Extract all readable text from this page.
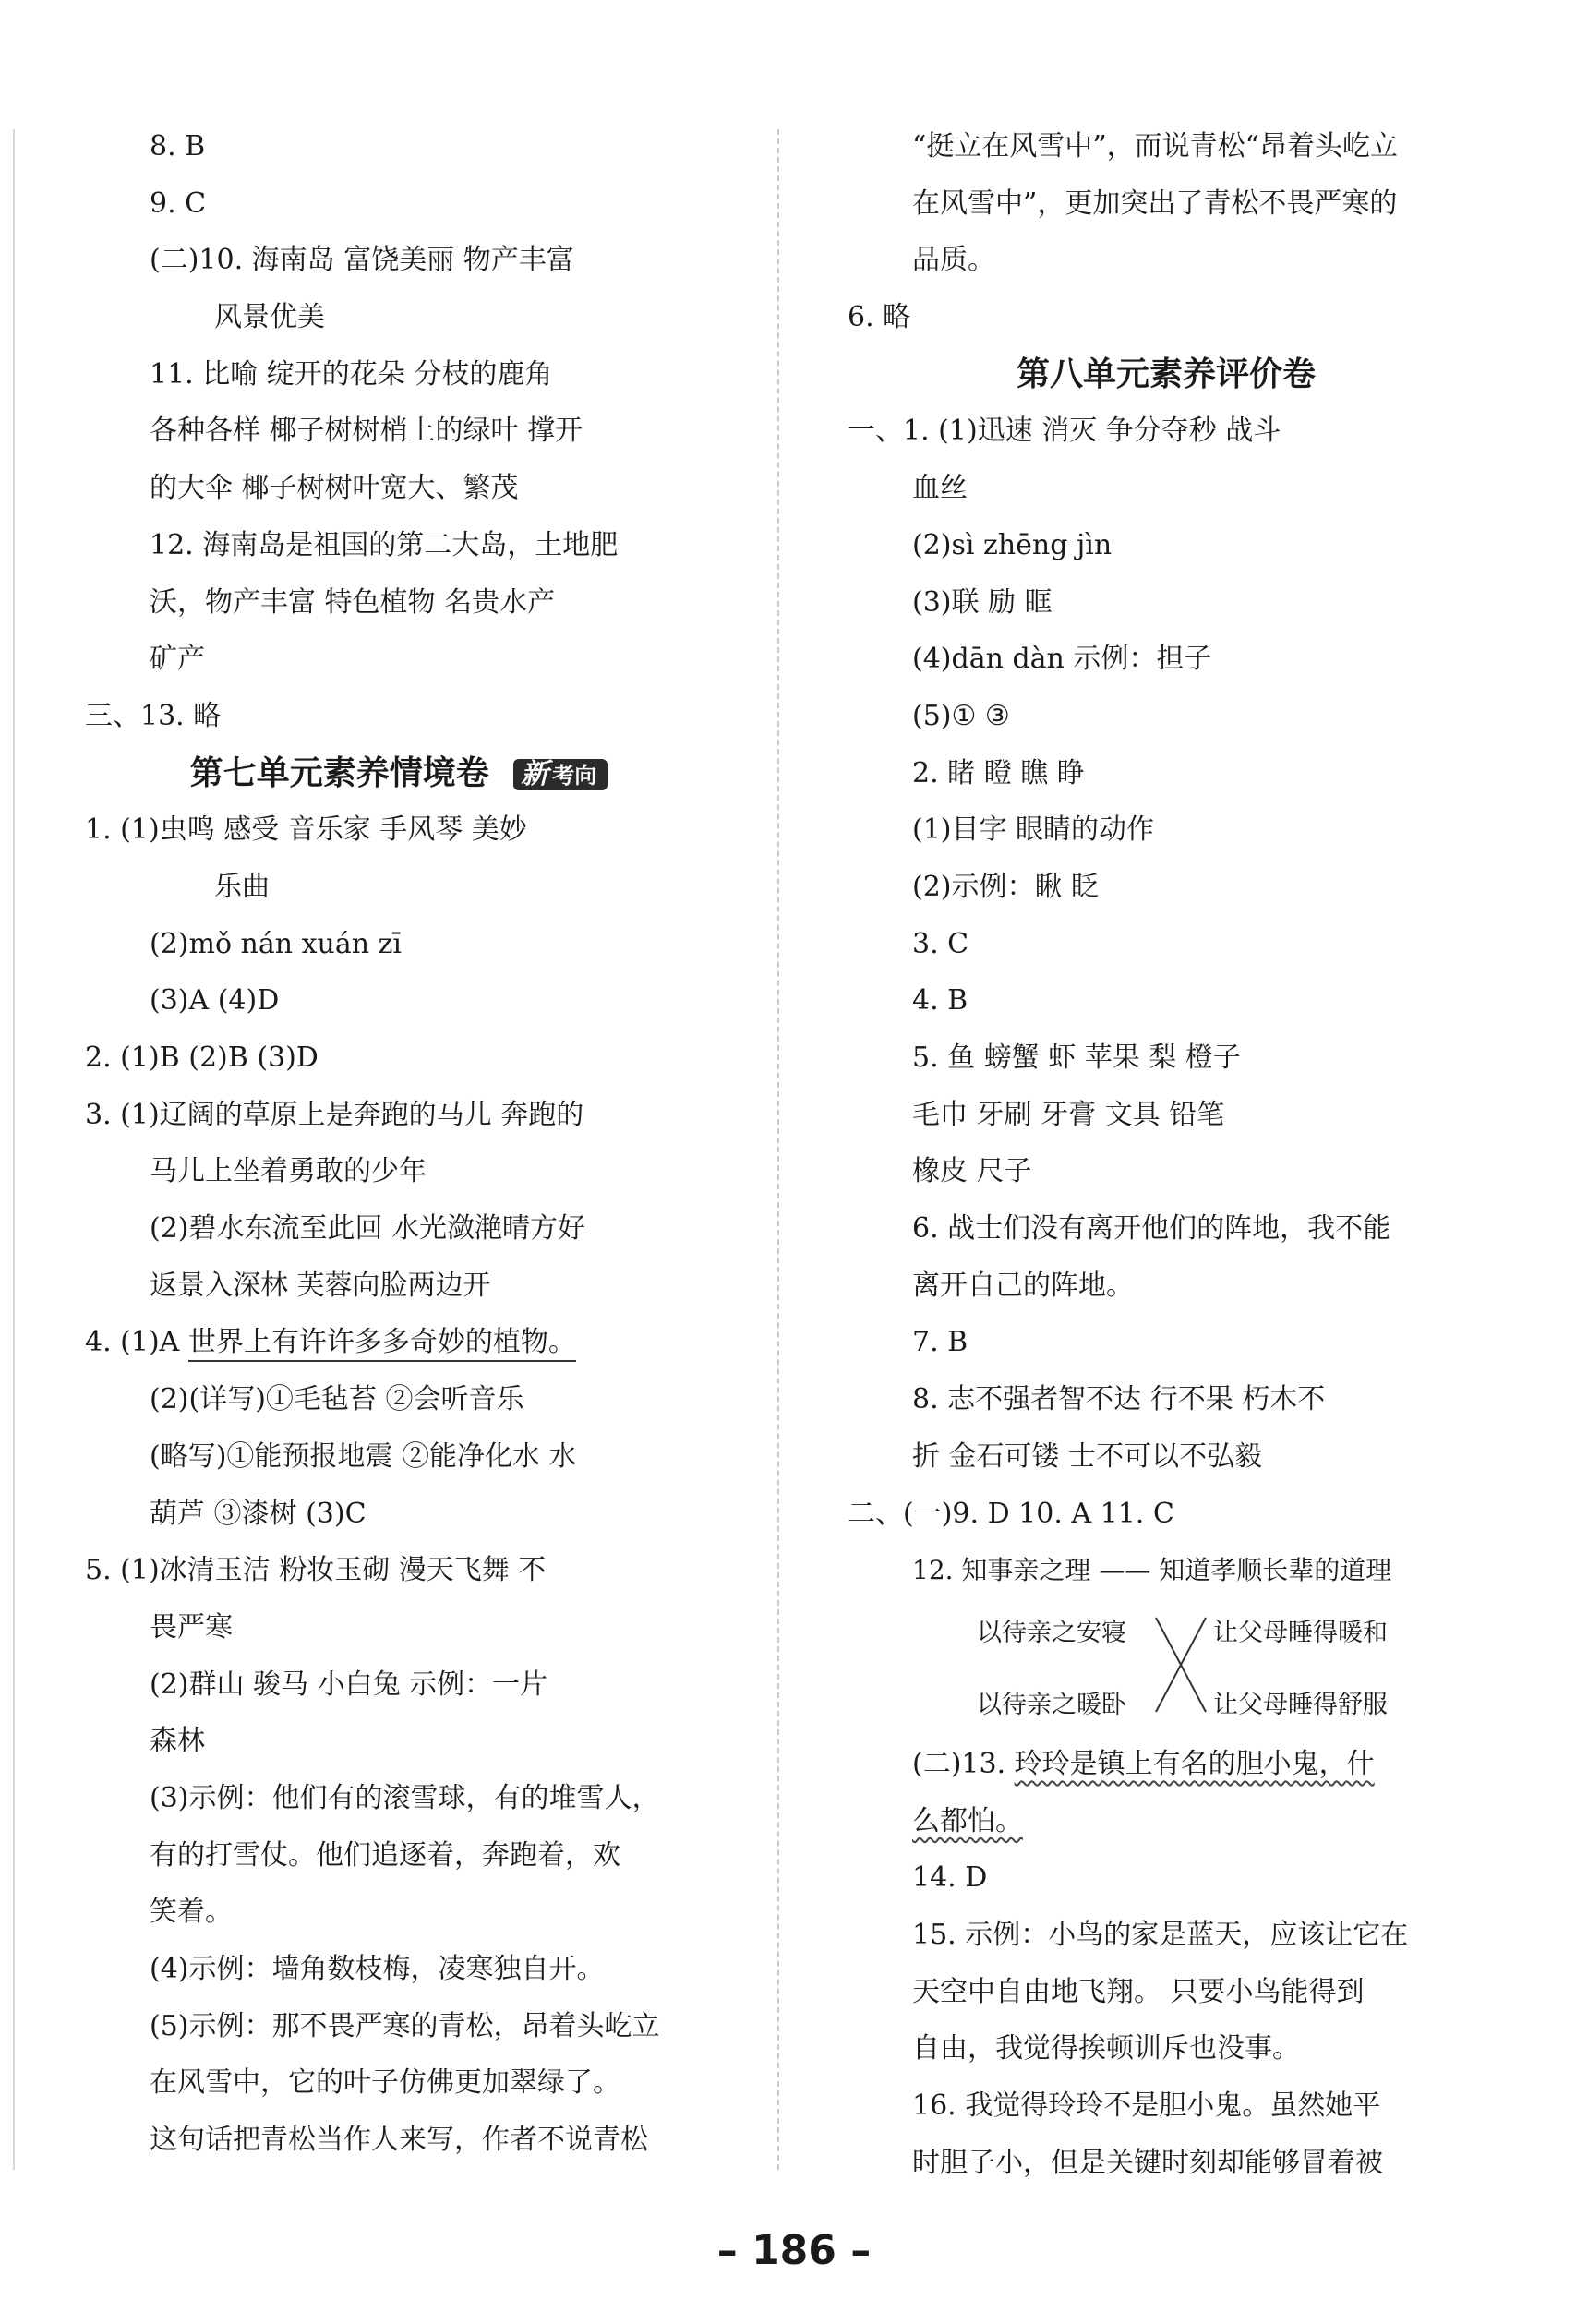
8. B
9. C
(二)10. 海南岛 富饶美丽 物产丰富
风景优美
11. 比喻 绽开的花朵 分枝的鹿角
各种各样 椰子树树梢上的绿叶 撑开
的大伞 椰子树树叶宽大、繁茂
12. 海南岛是祖国的第二大岛，土地肥
沃，物产丰富 特色植物 名贵水产
矿产
三、13. 略
第七单元素养情境卷 新 考向
1. (1)虫鸣 感受 音乐家 手风琴 美妙
乐曲
(2)mǒ nán xuán zī
(3)A (4)D
2. (1)B (2)B (3)D
3. (1)辽阔的草原上是奔跑的马儿 奔跑的
马儿上坐着勇敢的少年
(2)碧水东流至此回 水光潋滟晴方好
返景入深林 芙蓉向脸两边开
4. (1)A 世界上有许许多多奇妙的植物。
(2)(详写)①毛毡苔 ②会听音乐
(略写)①能预报地震 ②能净化水 水
葫芦 ③漆树 (3)C
5. (1)冰清玉洁 粉妆玉砌 漫天飞舞 不
畏严寒
(2)群山 骏马 小白兔 示例：一片
森林
(3)示例：他们有的滚雪球，有的堆雪人，
有的打雪仗。他们追逐着，奔跑着，欢
笑着。
(4)示例：墙角数枝梅，凌寒独自开。
(5)示例：那不畏严寒的青松，昂着头屹立
在风雪中，它的叶子仿佛更加翠绿了。
这句话把青松当作人来写，作者不说青松
“挺立在风雪中”，而说青松“昂着头屹立
在风雪中”，更加突出了青松不畏严寒的
品质。
6. 略
第八单元素养评价卷
一、1. (1)迅速 消灭 争分夺秒 战斗
血丝
(2)sì zhēng jìn
(3)联 励 眶
(4)dān dàn 示例：担子
(5)① ③
2. 睹 瞪 瞧 睁
(1)目字 眼睛的动作
(2)示例：瞅 眨
3. C
4. B
5. 鱼 螃蟹 虾 苹果 梨 橙子
毛巾 牙刷 牙膏 文具 铅笔
橡皮 尺子
6. 战士们没有离开他们的阵地，我不能
离开自己的阵地。
7. B
8. 志不强者智不达 行不果 朽木不
折 金石可镂 士不可以不弘毅
二、(一)9. D 10. A 11. C
12. 知事亲之理 —— 知道孝顺长辈的道理
以待亲之安寝
以待亲之暖卧
让父母睡得暖和
让父母睡得舒服
(二)13. 玲玲是镇上有名的胆小鬼，什
么都怕。
14. D
15. 示例：小鸟的家是蓝天，应该让它在
天空中自由地飞翔。 只要小鸟能得到
自由，我觉得挨顿训斥也没事。
16. 我觉得玲玲不是胆小鬼。虽然她平
时胆子小，但是关键时刻却能够冒着被
– 186 –
